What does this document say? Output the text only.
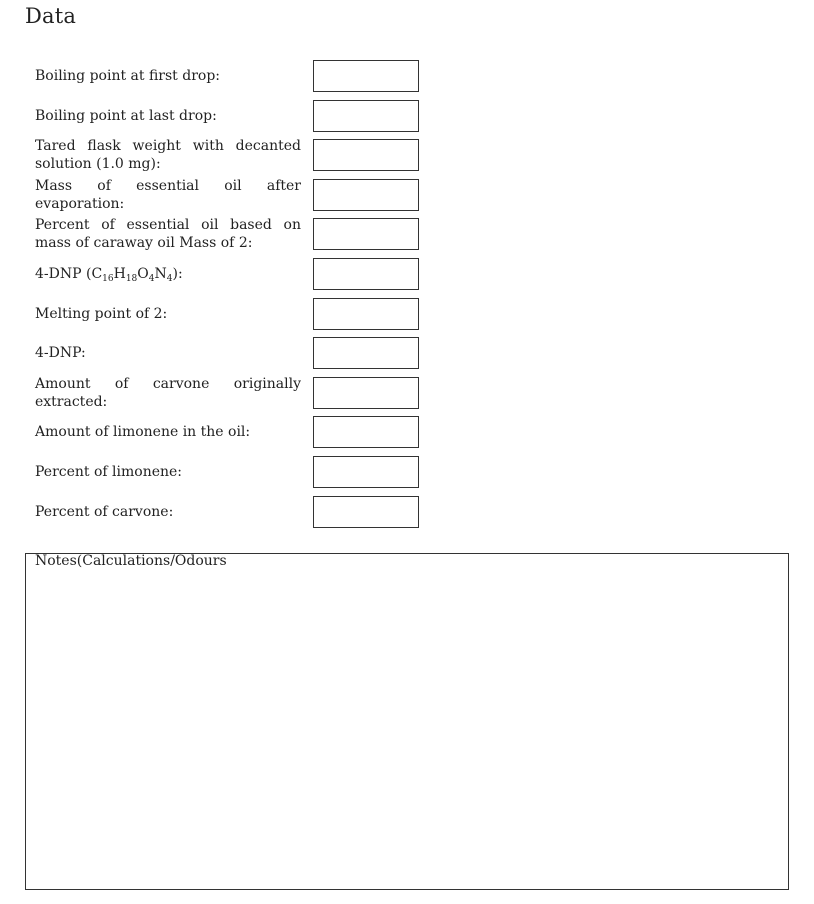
Data
Boiling point at first drop:
Boiling point at last drop:
Tared flask weight with decanted solution (1.0 mg):
Mass of essential oil after evaporation:
Percent of essential oil based on mass of caraway oil Mass of 2:
4-DNP $(C_{16}H_{18}O_4N_4)$:
Melting point of 2:
4-DNP:
Amount of carvone originally extracted:
Amount of limonene in the oil:
Percent of limonene:
Percent of carvone:
Notes(Calculations/Odours
